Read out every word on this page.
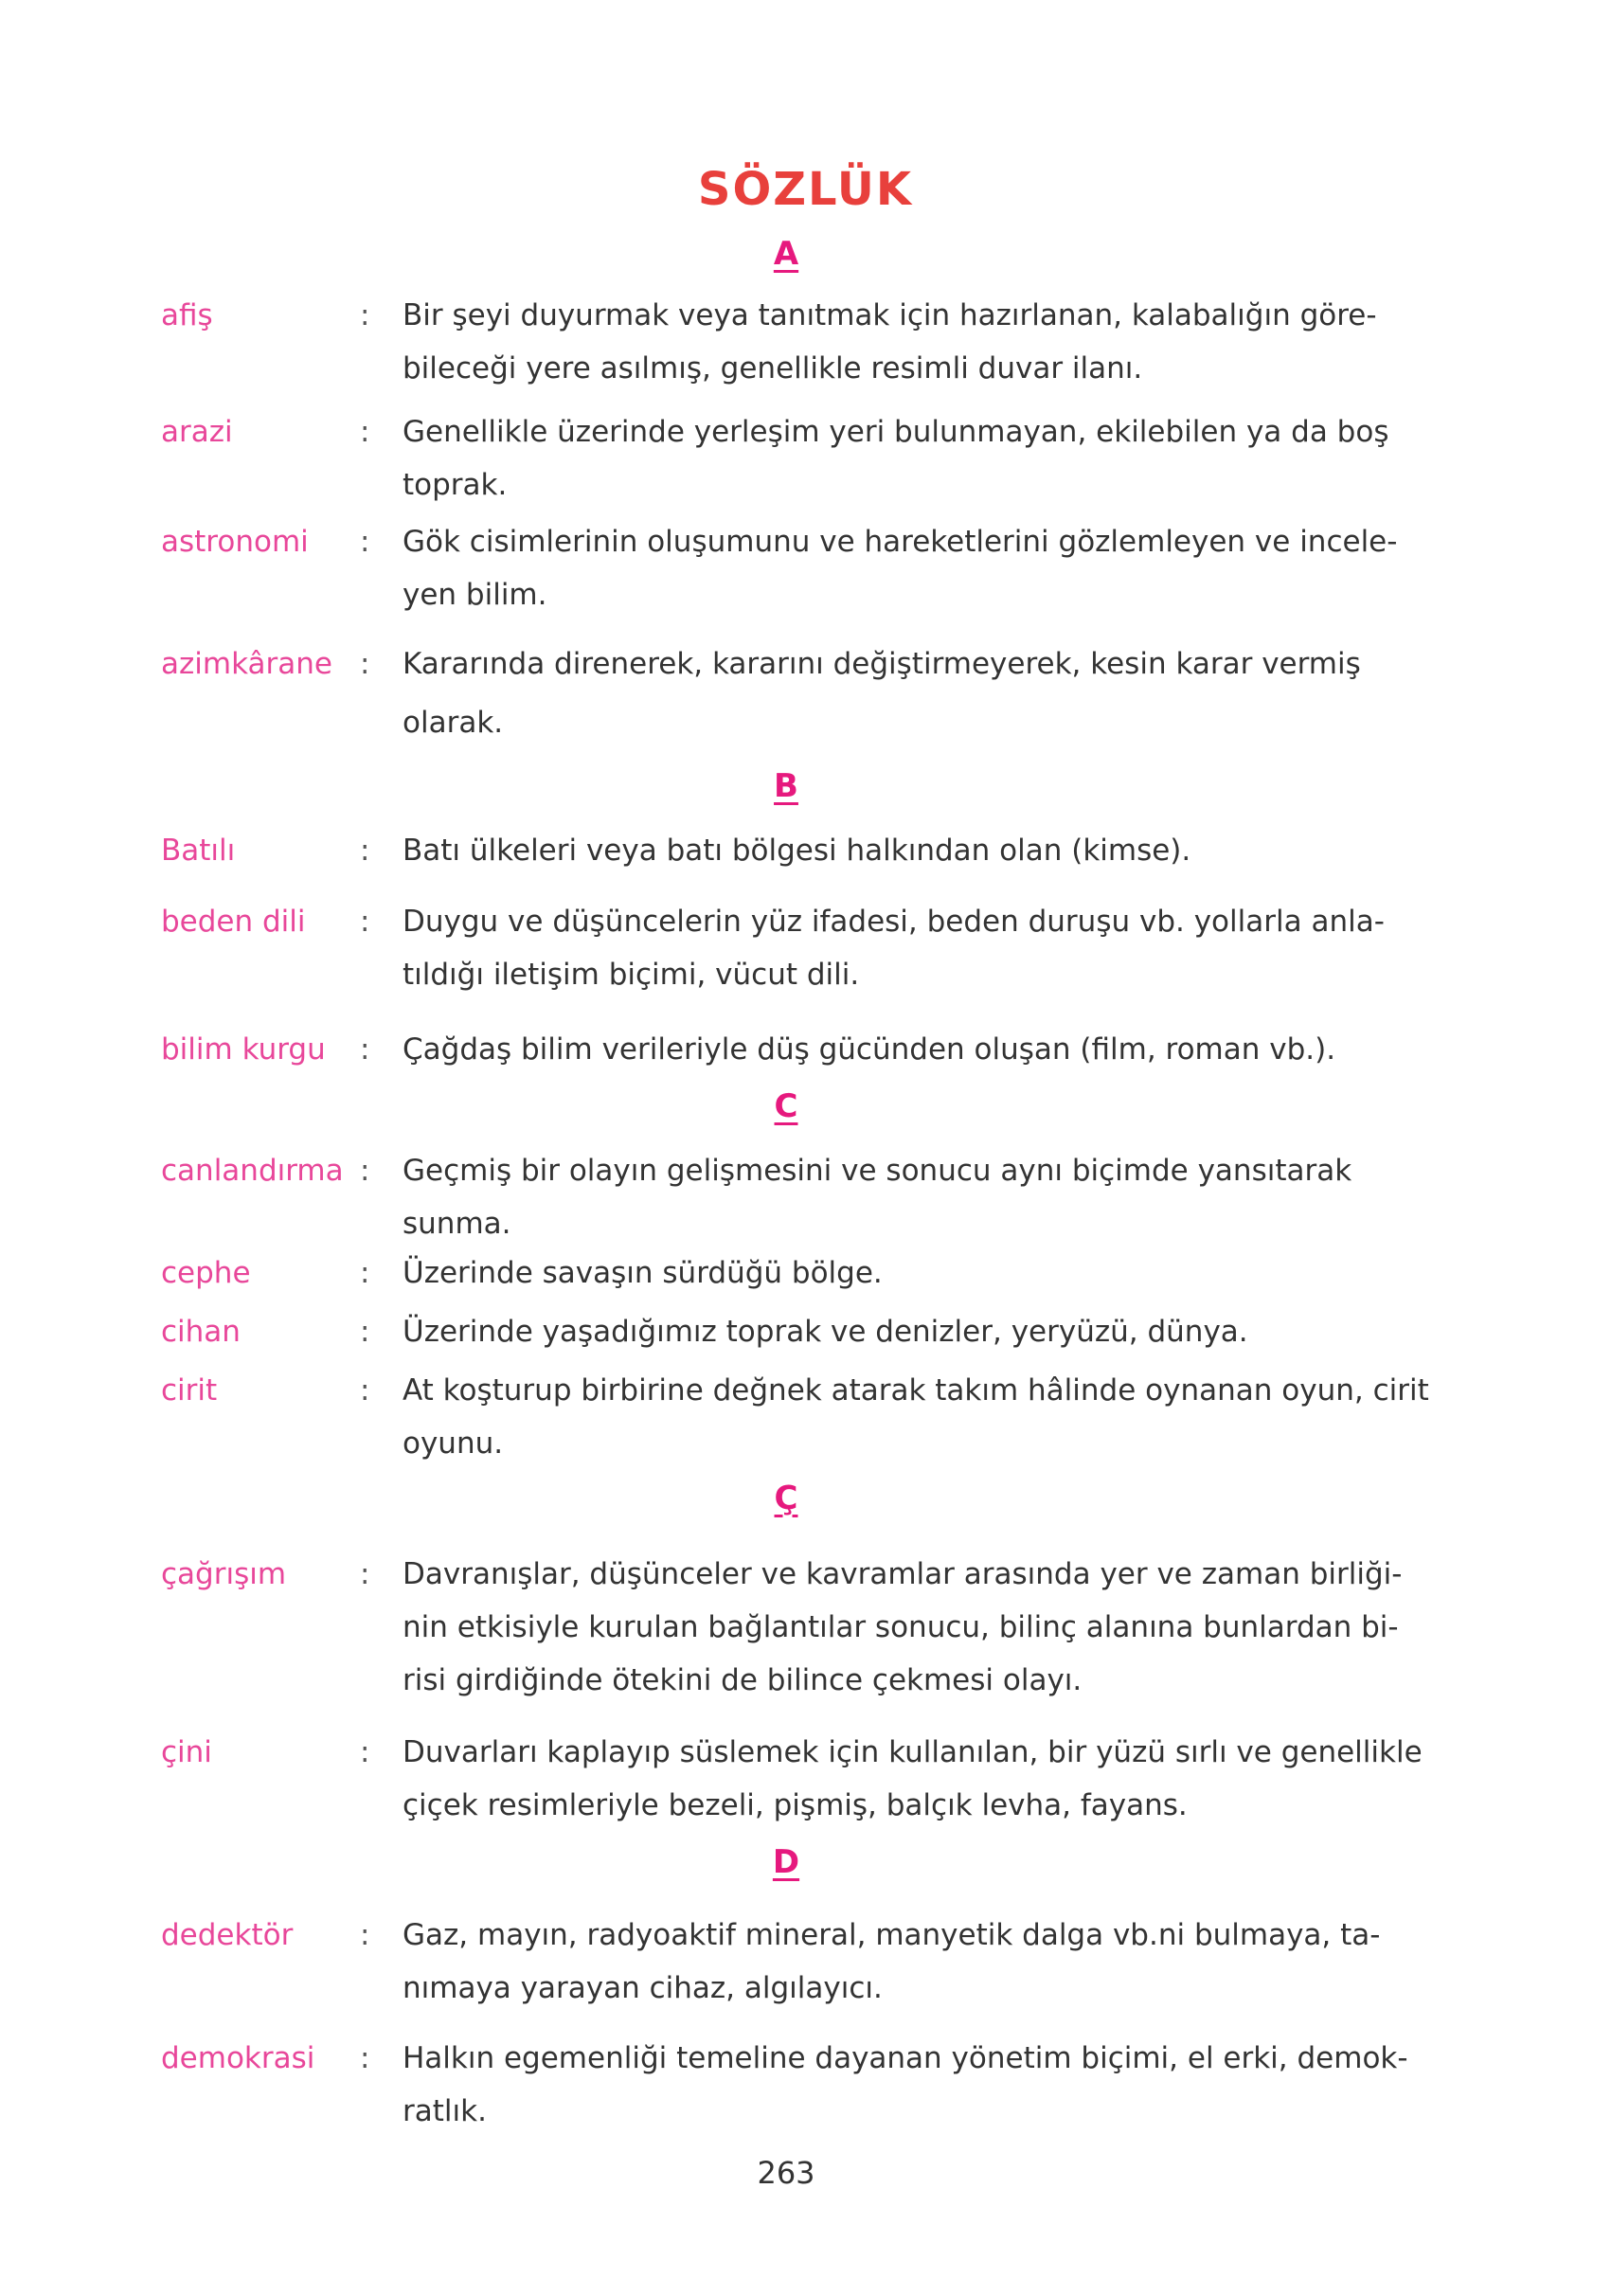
SÖZLÜK
A
afiş	: Bir şeyi duyurmak veya tanıtmak için hazırlanan, kalabalığın göre-bileceği yere asılmış, genellikle resimli duvar ilanı.
arazi	: Genellikle üzerinde yerleşim yeri bulunmayan, ekilebilen ya da boş toprak.
astronomi : Gök cisimlerinin oluşumunu ve hareketlerini gözlemleyen ve incele-yen bilim.
azimkârane : Kararında direnerek, kararını değiştirmeyerek, kesin karar vermiş olarak.
B
Batılı	: Batı ülkeleri veya batı bölgesi halkından olan (kimse).
beden dili : Duygu ve düşüncelerin yüz ifadesi, beden duruşu vb. yollarla anla-tıldığı iletişim biçimi, vücut dili.
bilim kurgu : Çağdaş bilim verileriyle düş gücünden oluşan (film, roman vb.).
C
canlandırma : Geçmiş bir olayın gelişmesini ve sonucu aynı biçimde yansıtarak sunma.
cephe	: Üzerinde savaşın sürdüğü bölge.
cihan	: Üzerinde yaşadığımız toprak ve denizler, yeryüzü, dünya.
cirit	: At koşturup birbirine değnek atarak takım hâlinde oynanan oyun, cirit oyunu.
Ç
çağrışım	: Davranışlar, düşünceler ve kavramlar arasında yer ve zaman birliği-nin etkisiyle kurulan bağlantılar sonucu, bilinç alanına bunlardan bi-risi girdiğinde ötekini de bilince çekmesi olayı.
çini	: Duvarları kaplayıp süslemek için kullanılan, bir yüzü sırlı ve genellikle çiçek resimleriyle bezeli, pişmiş, balçık levha, fayans.
D
dedektör : Gaz, mayın, radyoaktif mineral, manyetik dalga vb.ni bulmaya, ta-nımaya yarayan cihaz, algılayıcı.
demokrasi : Halkın egemenliği temeline dayanan yönetim biçimi, el erki, demok-ratlık.
263
